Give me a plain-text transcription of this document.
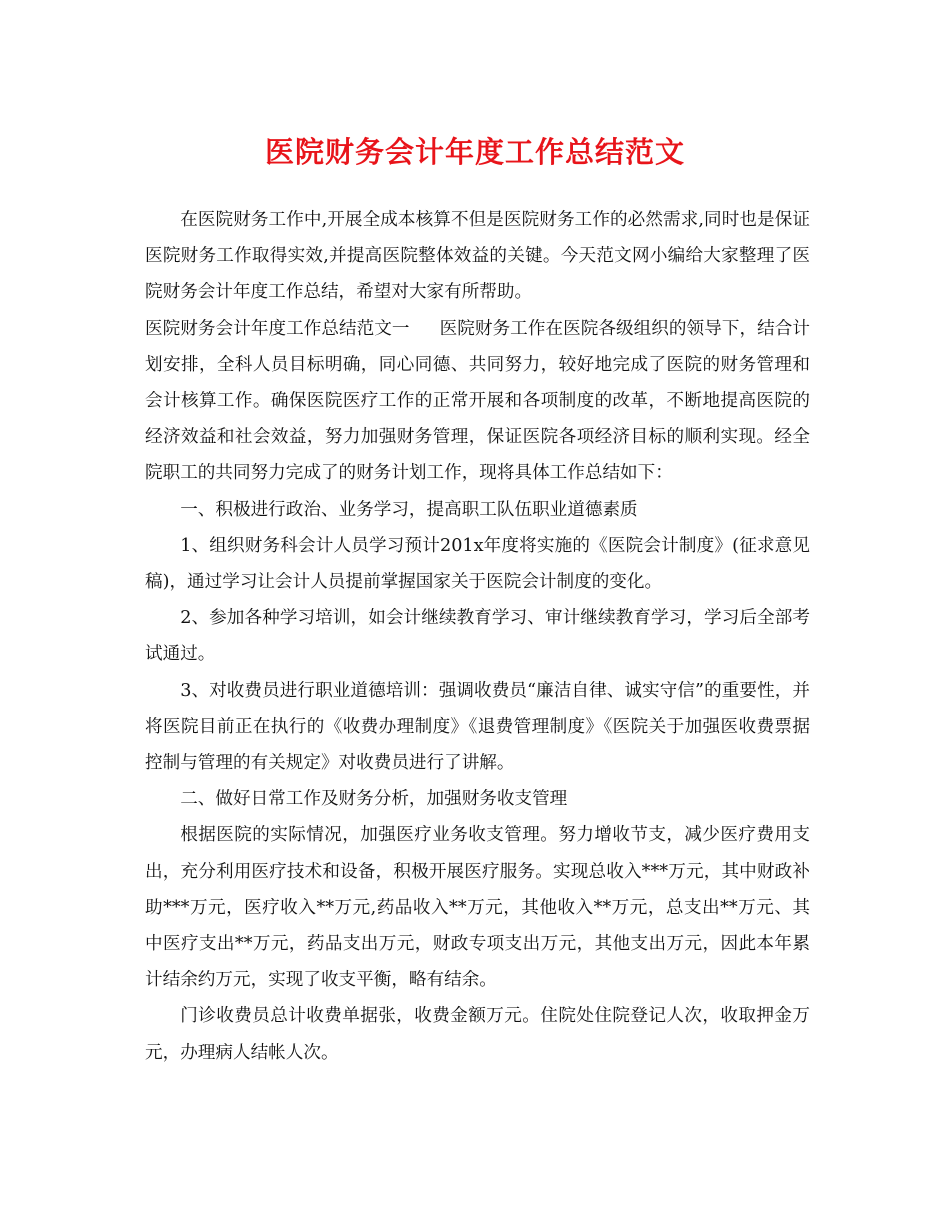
医院财务会计年度工作总结范文

在医院财务工作中,开展全成本核算不但是医院财务工作的必然需求,同时也是保证医院财务工作取得实效,并提高医院整体效益的关键。今天范文网小编给大家整理了医院财务会计年度工作总结，希望对大家有所帮助。

医院财务会计年度工作总结范文一 医院财务工作在医院各级组织的领导下，结合计划安排，全科人员目标明确，同心同德、共同努力，较好地完成了医院的财务管理和会计核算工作。确保医院医疗工作的正常开展和各项制度的改革，不断地提高医院的经济效益和社会效益，努力加强财务管理，保证医院各项经济目标的顺利实现。经全院职工的共同努力完成了的财务计划工作，现将具体工作总结如下：

一、积极进行政治、业务学习，提高职工队伍职业道德素质

1、组织财务科会计人员学习预计201x年度将实施的《医院会计制度》(征求意见稿)，通过学习让会计人员提前掌握国家关于医院会计制度的变化。

2、参加各种学习培训，如会计继续教育学习、审计继续教育学习，学习后全部考试通过。

3、对收费员进行职业道德培训：强调收费员“廉洁自律、诚实守信”的重要性，并将医院目前正在执行的《收费办理制度》《退费管理制度》《医院关于加强医收费票据控制与管理的有关规定》对收费员进行了讲解。

二、做好日常工作及财务分析，加强财务收支管理

根据医院的实际情况，加强医疗业务收支管理。努力增收节支，减少医疗费用支出，充分利用医疗技术和设备，积极开展医疗服务。实现总收入***万元，其中财政补助***万元，医疗收入**万元,药品收入**万元，其他收入**万元，总支出**万元、其中医疗支出**万元，药品支出万元，财政专项支出万元，其他支出万元，因此本年累计结余约万元，实现了收支平衡，略有结余。

门诊收费员总计收费单据张，收费金额万元。住院处住院登记人次，收取押金万元，办理病人结帐人次。
